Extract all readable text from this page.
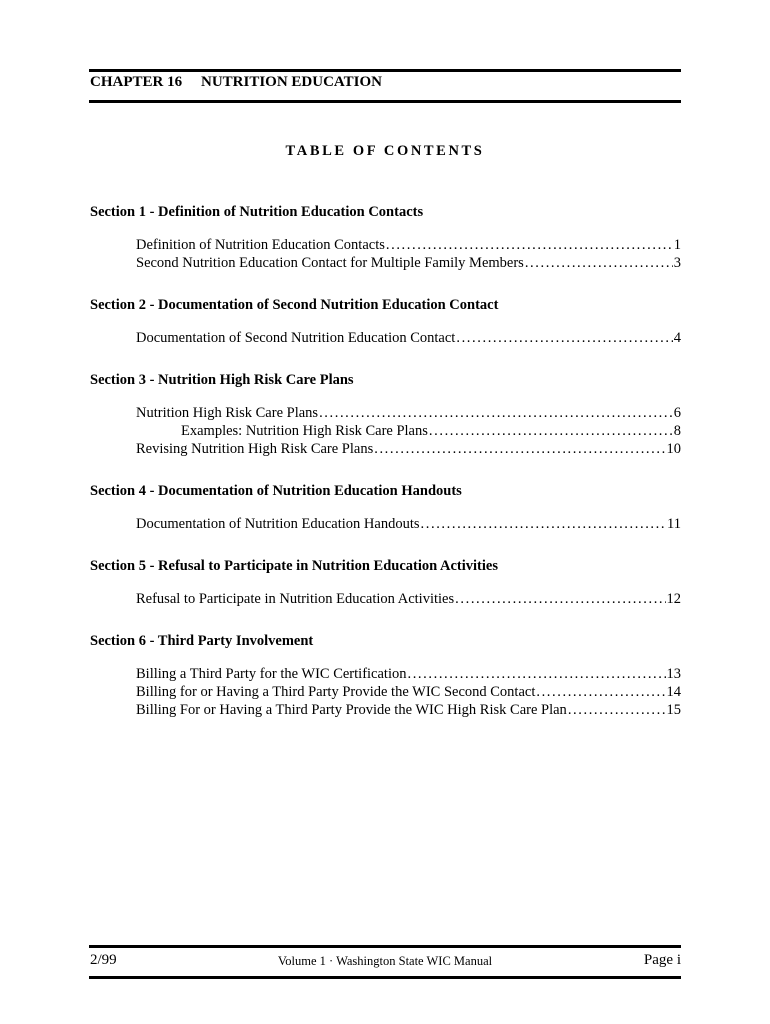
CHAPTER 16 NUTRITION EDUCATION
TABLE OF CONTENTS
Section 1 - Definition of Nutrition Education Contacts
Definition of Nutrition Education Contacts .....	1
Second Nutrition Education Contact for Multiple Family Members .....	3
Section 2 - Documentation of Second Nutrition Education Contact
Documentation of Second Nutrition Education Contact .....	4
Section 3 - Nutrition High Risk Care Plans
Nutrition High Risk Care Plans .....	6
Examples: Nutrition High Risk Care Plans .....	8
Revising Nutrition High Risk Care Plans .....	10
Section 4 - Documentation of Nutrition Education Handouts
Documentation of Nutrition Education Handouts .....	11
Section 5 - Refusal to Participate in Nutrition Education Activities
Refusal to Participate in Nutrition Education Activities .....	12
Section 6 - Third Party Involvement
Billing a Third Party for the WIC Certification .....	13
Billing for or Having a Third Party Provide the WIC Second Contact .....	14
Billing For or Having a Third Party Provide the WIC High Risk Care Plan .....	15
2/99	Volume 1 · Washington State WIC Manual	Page i
